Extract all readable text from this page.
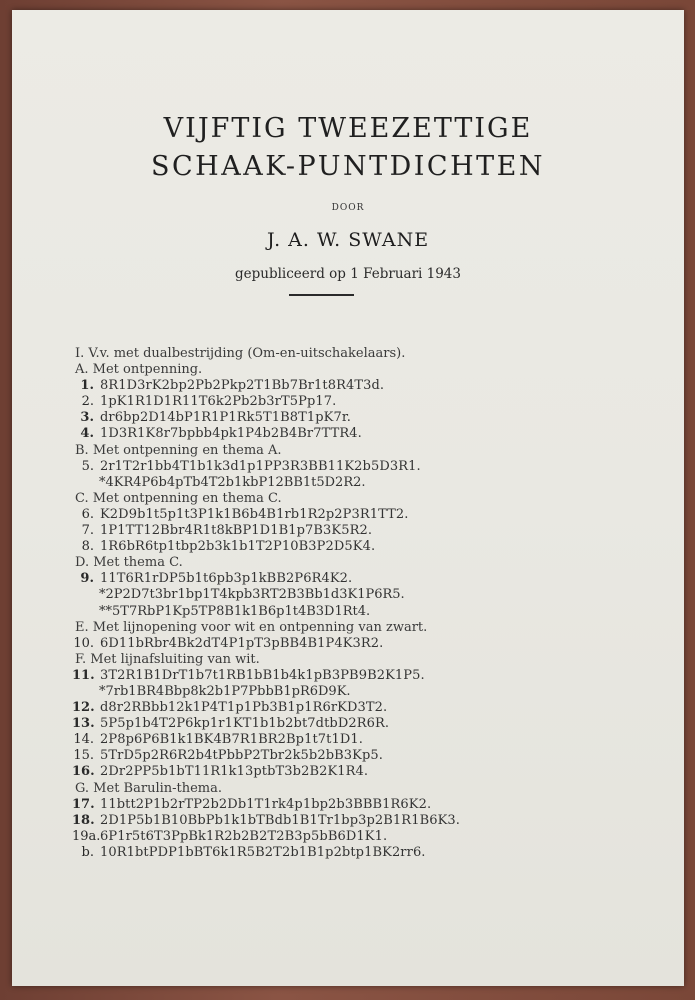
VIJFTIG TWEEZETTIGE
SCHAAK-PUNTDICHTEN
DOOR
J. A. W. SWANE
gepubliceerd op 1 Februari 1943
I. V.v. met dualbestrijding (Om-en-uitschakelaars).
A. Met ontpenning.
1. 8R1D3rK2bp2Pb2Pkp2T1Bb7Br1t8R4T3d.
2. 1pK1R1D1R11T6k2Pb2b3rT5Pp17.
3. dr6bp2D14bP1R1P1Rk5T1B8T1pK7r.
4. 1D3R1K8r7bpbb4pk1P4b2B4Br7TTR4.
B. Met ontpenning en thema A.
5. 2r1T2r1bb4T1b1k3d1p1PP3R3BB11K2b5D3R1.
*4KR4P6b4pTb4T2b1kbP12BB1t5D2R2.
C. Met ontpenning en thema C.
6. K2D9b1t5p1t3P1k1B6b4B1rb1R2p2P3R1TT2.
7. 1P1TT12Bbr4R1t8kBP1D1B1p7B3K5R2.
8. 1R6bR6tp1tbp2b3k1b1T2P10B3P2D5K4.
D. Met thema C.
9. 11T6R1rDP5b1t6pb3p1kBB2P6R4K2.
*2P2D7t3br1bp1T4kpb3RT2B3Bb1d3K1P6R5.
**5T7RbP1Kp5TP8B1k1B6p1t4B3D1Rt4.
E. Met lijnopening voor wit en ontpenning van zwart.
10. 6D11bRbr4Bk2dT4P1pT3pBB4B1P4K3R2.
F. Met lijnafsluiting van wit.
11. 3T2R1B1DrT1b7t1RB1bB1b4k1pB3PB9B2K1P5.
*7rb1BR4Bbp8k2b1P7PbbB1pR6D9K.
12. d8r2RBbb12k1P4T1p1Pb3B1p1R6rKD3T2.
13. 5P5p1b4T2P6kp1r1KT1b1b2bt7dtbD2R6R.
14. 2P8p6P6B1k1BK4B7R1BR2Bp1t7t1D1.
15. 5TrD5p2R6R2b4tPbbP2Tbr2k5b2bB3Kp5.
16. 2Dr2PP5b1bT11R1k13ptbT3b2B2K1R4.
G. Met Barulin-thema.
17. 11btt2P1b2rTP2b2Db1T1rk4p1bp2b3BBB1R6K2.
18. 2D1P5b1B10BbPb1k1bTBdb1B1Tr1bp3p2B1R1B6K3.
19a. 6P1r5t6T3PpBk1R2b2B2T2B3p5bB6D1K1.
b. 10R1btPDP1bBT6k1R5B2T2b1B1p2btp1BK2rr6.
